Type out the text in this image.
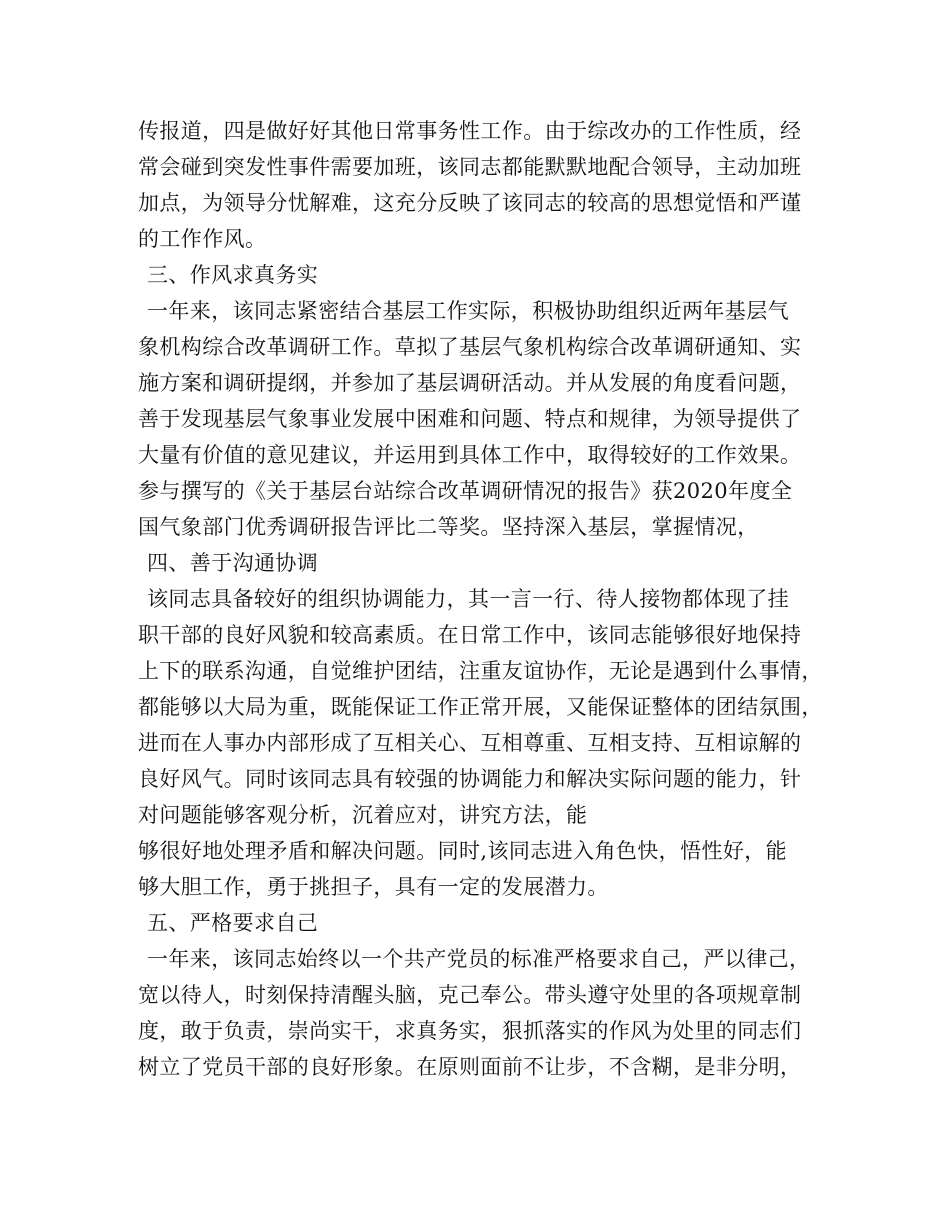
传报道，四是做好好其他日常事务性工作。由于综改办的工作性质，经
常会碰到突发性事件需要加班，该同志都能默默地配合领导，主动加班
加点，为领导分忧解难，这充分反映了该同志的较高的思想觉悟和严谨
的工作作风。
三、作风求真务实
一年来，该同志紧密结合基层工作实际，积极协助组织近两年基层气
象机构综合改革调研工作。草拟了基层气象机构综合改革调研通知、实
施方案和调研提纲，并参加了基层调研活动。并从发展的角度看问题，
善于发现基层气象事业发展中困难和问题、特点和规律，为领导提供了
大量有价值的意见建议，并运用到具体工作中，取得较好的工作效果。
参与撰写的《关于基层台站综合改革调研情况的报告》获2020年度全
国气象部门优秀调研报告评比二等奖。坚持深入基层，掌握情况，
四、善于沟通协调
该同志具备较好的组织协调能力，其一言一行、待人接物都体现了挂
职干部的良好风貌和较高素质。在日常工作中，该同志能够很好地保持
上下的联系沟通，自觉维护团结，注重友谊协作，无论是遇到什么事情，
都能够以大局为重，既能保证工作正常开展，又能保证整体的团结氛围，
进而在人事办内部形成了互相关心、互相尊重、互相支持、互相谅解的
良好风气。同时该同志具有较强的协调能力和解决实际问题的能力，针
对问题能够客观分析，沉着应对，讲究方法，能
够很好地处理矛盾和解决问题。同时,该同志进入角色快，悟性好，能
够大胆工作，勇于挑担子，具有一定的发展潜力。
五、严格要求自己
一年来，该同志始终以一个共产党员的标准严格要求自己，严以律己，
宽以待人，时刻保持清醒头脑，克己奉公。带头遵守处里的各项规章制
度，敢于负责，崇尚实干，求真务实，狠抓落实的作风为处里的同志们
树立了党员干部的良好形象。在原则面前不让步，不含糊，是非分明，
